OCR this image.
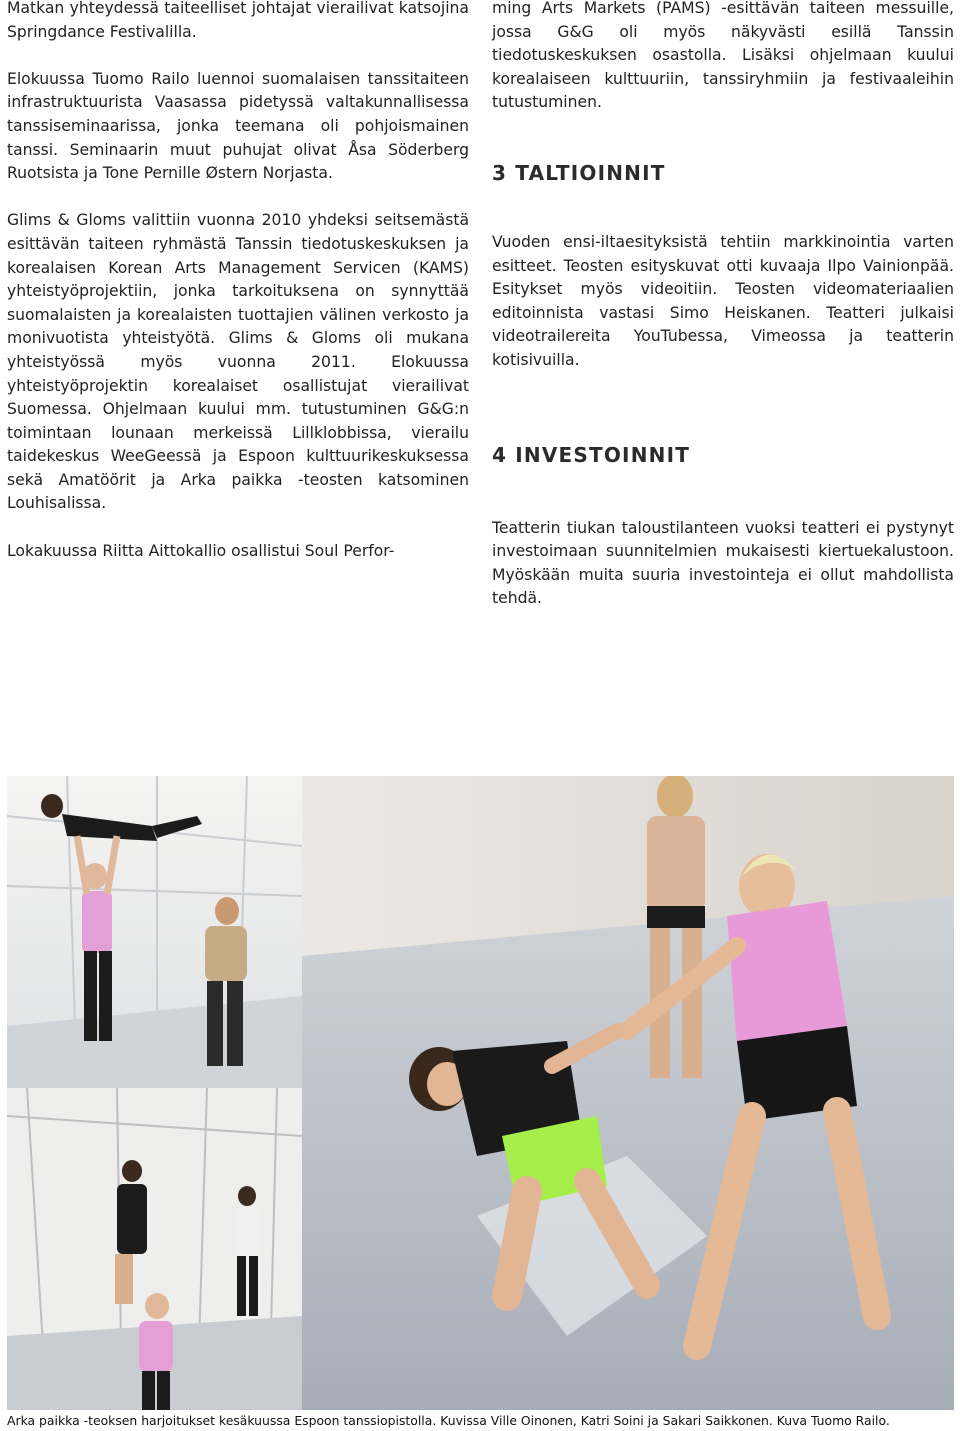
Matkan yhteydessä taiteelliset johtajat vierailivat katsojina Springdance Festivalilla.

Elokuussa Tuomo Railo luennoi suomalaisen tanssitaiteen infrastruktuurista Vaasassa pidetyssä valtakunnallisessa tanssiseminaarissa, jonka teemana oli pohjoismainen tanssi. Seminaarin muut puhujat olivat Åsa Söderberg Ruotsista ja Tone Pernille Østern Norjasta.

Glims & Gloms valittiin vuonna 2010 yhdeksi seitsemästä esittävän taiteen ryhmästä Tanssin tiedotuskeskuksen ja korealaisen Korean Arts Management Servicen (KAMS) yhteistyöprojektiin, jonka tarkoituksena on synnyttää suomalaisten ja korealaisten tuottajien välinen verkosto ja monivuotista yhteistyötä. Glims & Gloms oli mukana yhteistyössä myös vuonna 2011. Elokuussa yhteistyöprojektin korealaiset osallistujat vierailivat Suomessa. Ohjelmaan kuului mm. tutustuminen G&G:n toimintaan lounaan merkeissä Lillklobbissa, vierailu taidekeskus WeeGeessä ja Espoon kulttuurikeskuksessa sekä Amatöörit ja Arka paikka -teosten katsominen Louhisalissa.

Lokakuussa Riitta Aittokallio osallistui Soul Perfor-

ming Arts Markets (PAMS) -esittävän taiteen messuille, jossa G&G oli myös näkyvästi esillä Tanssin tiedotuskeskuksen osastolla. Lisäksi ohjelmaan kuului korealaiseen kulttuuriin, tanssiryhmiin ja festivaaleihin tutustuminen.

3 TALTIOINNIT

Vuoden ensi-iltaesityksistä tehtiin markkinointia varten esitteet. Teosten esityskuvat otti kuvaaja Ilpo Vainionpää. Esitykset myös videoitiin. Teosten videomateriaalien editoinnista vastasi Simo Heiskanen. Teatteri julkaisi videotrailereita YouTubessa, Vimeossa ja teatterin kotisivuilla.

4 INVESTOINNIT

Teatterin tiukan taloustilanteen vuoksi teatteri ei pystynyt investoimaan suunnitelmien mukaisesti kiertuekalustoon. Myöskään muita suuria investointeja ei ollut mahdollista tehdä.

Arka paikka -teoksen harjoitukset kesäkuussa Espoon tanssiopistolla. Kuvissa Ville Oinonen, Katri Soini ja Sakari Saikkonen. Kuva Tuomo Railo.
